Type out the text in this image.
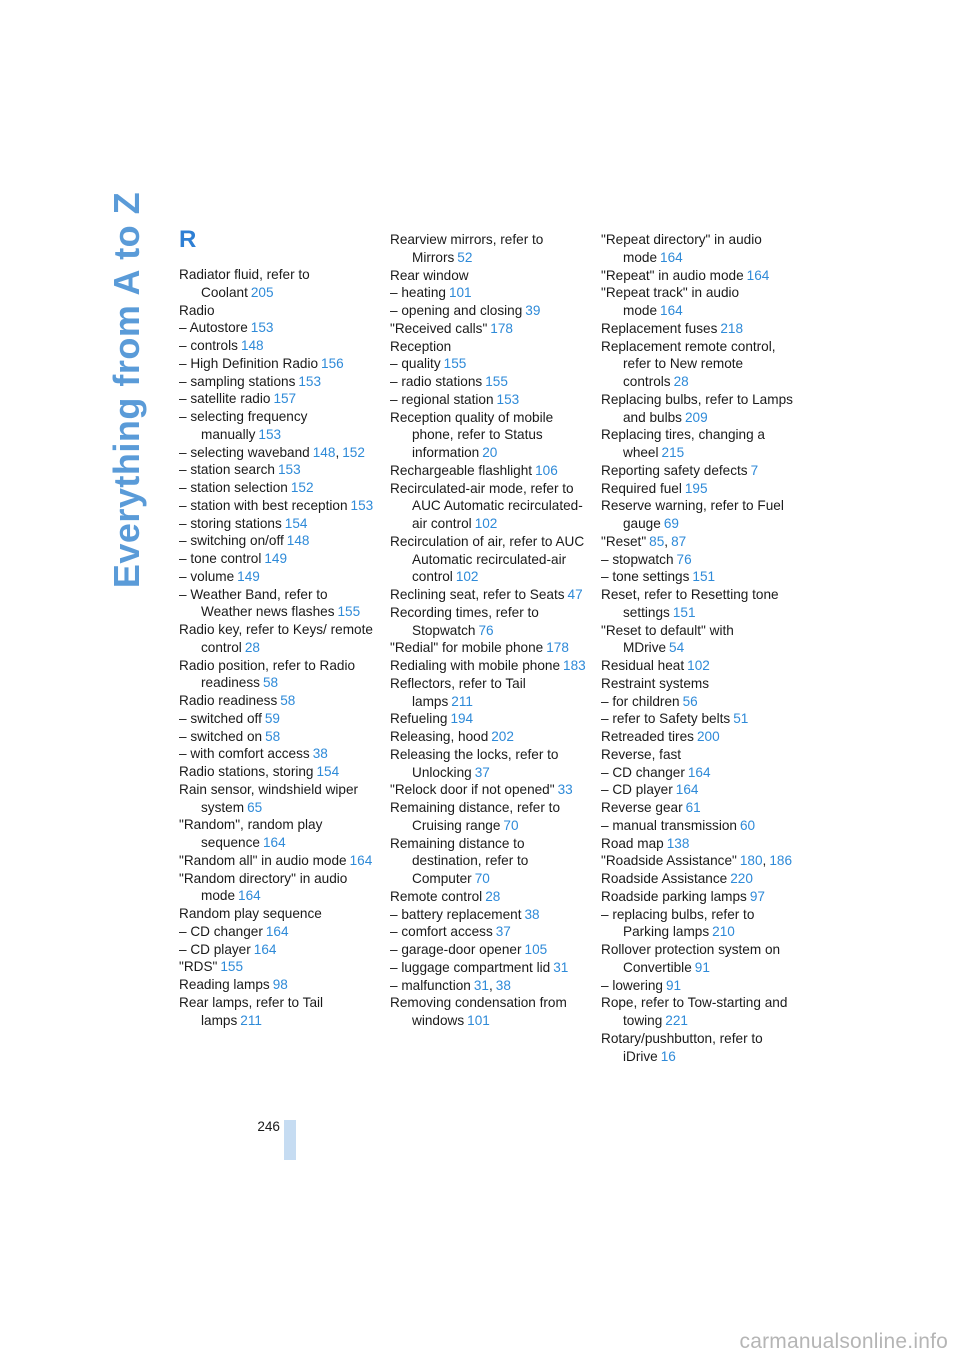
Everything from A to Z R
Radiator fluid, refer to Coolant 205
Radio
– Autostore 153
– controls 148
– High Definition Radio 156
– sampling stations 153
– satellite radio 157
– selecting frequency manually 153
– selecting waveband 148, 152
– station search 153
– station selection 152
– station with best reception 153
– storing stations 154
– switching on/off 148
– tone control 149
– volume 149
– Weather Band, refer to Weather news flashes 155
Radio key, refer to Keys/ remote control 28
Radio position, refer to Radio readiness 58
Radio readiness 58
– switched off 59
– switched on 58
– with comfort access 38
Radio stations, storing 154
Rain sensor, windshield wiper system 65
"Random", random play sequence 164
"Random all" in audio mode 164
"Random directory" in audio mode 164
Random play sequence
– CD changer 164
– CD player 164
"RDS" 155
Reading lamps 98
Rear lamps, refer to Tail lamps 211
Rearview mirrors, refer to Mirrors 52
Rear window
– heating 101
– opening and closing 39
"Received calls" 178
Reception
– quality 155
– radio stations 155
– regional station 153
Reception quality of mobile phone, refer to Status information 20
Rechargeable flashlight 106
Recirculated-air mode, refer to AUC Automatic recirculated-air control 102
Recirculation of air, refer to AUC Automatic recirculated-air control 102
Reclining seat, refer to Seats 47
Recording times, refer to Stopwatch 76
"Redial" for mobile phone 178
Redialing with mobile phone 183
Reflectors, refer to Tail lamps 211
Refueling 194
Releasing, hood 202
Releasing the locks, refer to Unlocking 37
"Relock door if not opened" 33
Remaining distance, refer to Cruising range 70
Remaining distance to destination, refer to Computer 70
Remote control 28
– battery replacement 38
– comfort access 37
– garage-door opener 105
– luggage compartment lid 31
– malfunction 31, 38
Removing condensation from windows 101
"Repeat directory" in audio mode 164
"Repeat" in audio mode 164
"Repeat track" in audio mode 164
Replacement fuses 218
Replacement remote control, refer to New remote controls 28
Replacing bulbs, refer to Lamps and bulbs 209
Replacing tires, changing a wheel 215
Reporting safety defects 7
Required fuel 195
Reserve warning, refer to Fuel gauge 69
"Reset" 85, 87
– stopwatch 76
– tone settings 151
Reset, refer to Resetting tone settings 151
"Reset to default" with MDrive 54
Residual heat 102
Restraint systems
– for children 56
– refer to Safety belts 51
Retreaded tires 200
Reverse, fast
– CD changer 164
– CD player 164
Reverse gear 61
– manual transmission 60
Road map 138
"Roadside Assistance" 180, 186
Roadside Assistance 220
Roadside parking lamps 97
– replacing bulbs, refer to Parking lamps 210
Rollover protection system on Convertible 91
– lowering 91
Rope, refer to Tow-starting and towing 221
Rotary/pushbutton, refer to iDrive 16
246
carmanualsonline.info
